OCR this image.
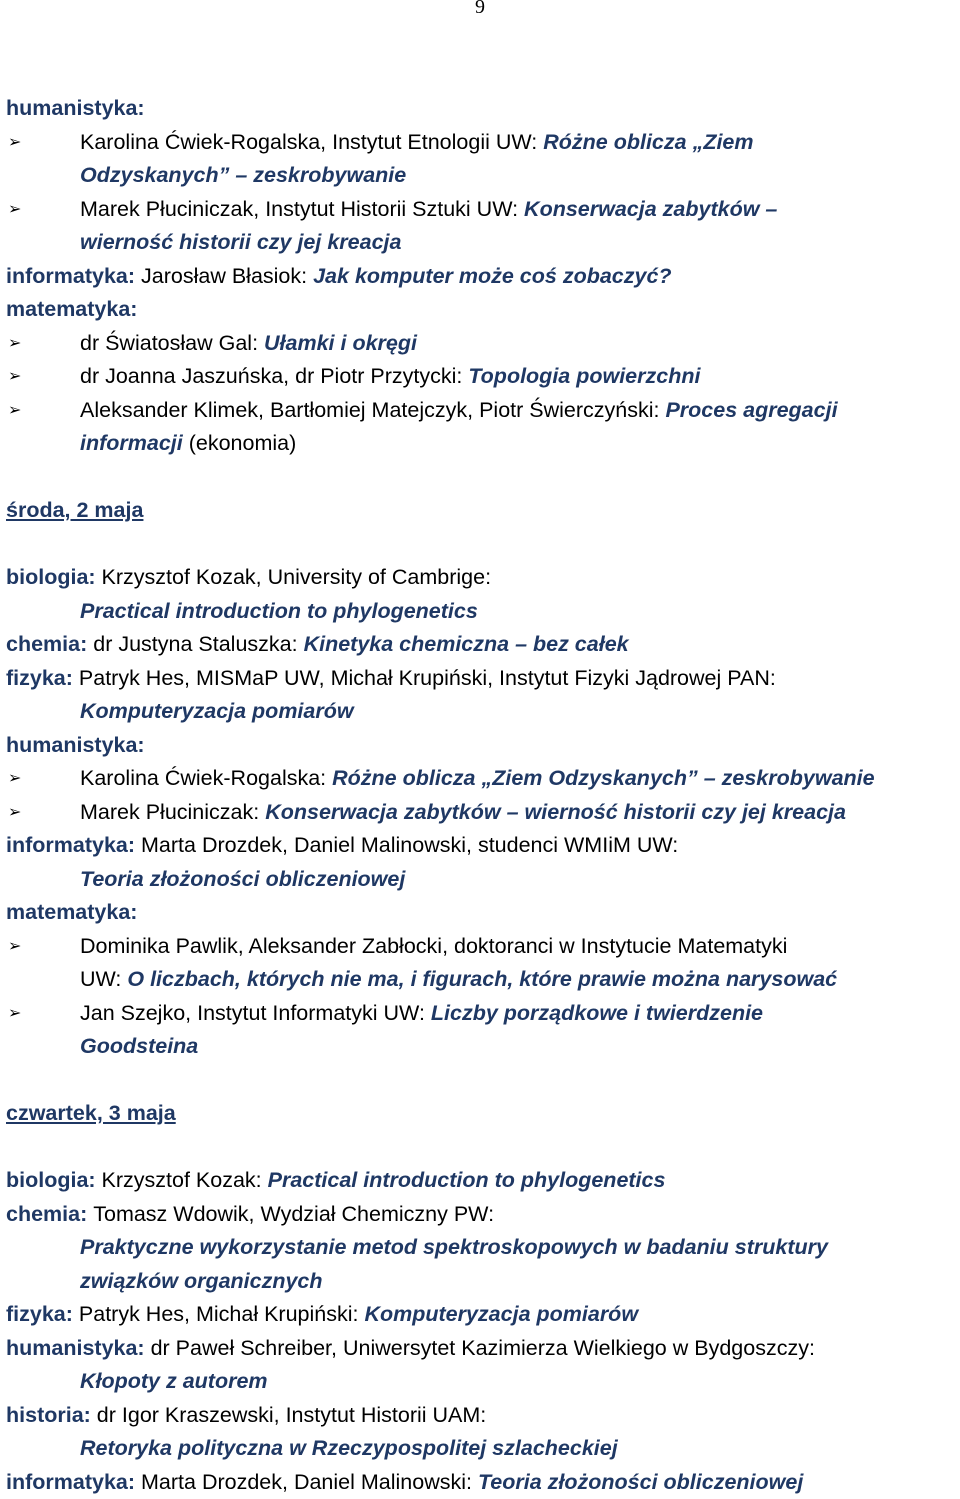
9
humanistyka:
➢	Karolina Ćwiek-Rogalska, Instytut Etnologii UW: Różne oblicza „Ziem
Odzyskanych” – zeskrobywanie
➢	Marek Płuciniczak, Instytut Historii Sztuki UW: Konserwacja zabytków –
wierność historii czy jej kreacja
informatyka: Jarosław Błasiok: Jak komputer może coś zobaczyć?
matematyka:
➢	dr Światosław Gal: Ułamki i okręgi
➢	dr Joanna Jaszuńska, dr Piotr Przytycki: Topologia powierzchni
➢	Aleksander Klimek, Bartłomiej Matejczyk, Piotr Świerczyński: Proces agregacji
informacji (ekonomia)
środa, 2 maja
biologia: Krzysztof Kozak, University of Cambrige:
Practical introduction to phylogenetics
chemia: dr Justyna Staluszka: Kinetyka chemiczna – bez całek
fizyka: Patryk Hes, MISMaP UW, Michał Krupiński, Instytut Fizyki Jądrowej PAN:
Komputeryzacja pomiarów
humanistyka:
➢	Karolina Ćwiek-Rogalska: Różne oblicza „Ziem Odzyskanych” – zeskrobywanie
➢	Marek Płuciniczak: Konserwacja zabytków – wierność historii czy jej kreacja
informatyka: Marta Drozdek, Daniel Malinowski, studenci WMIiM UW:
Teoria złożoności obliczeniowej
matematyka:
➢	Dominika Pawlik, Aleksander Zabłocki, doktoranci w Instytucie Matematyki
UW: O liczbach, których nie ma, i figurach, które prawie można narysować
➢	Jan Szejko, Instytut Informatyki UW: Liczby porządkowe i twierdzenie
Goodsteina
czwartek, 3 maja
biologia: Krzysztof Kozak: Practical introduction to phylogenetics
chemia: Tomasz Wdowik, Wydział Chemiczny PW:
Praktyczne wykorzystanie metod spektroskopowych w badaniu struktury
związków organicznych
fizyka: Patryk Hes, Michał Krupiński: Komputeryzacja pomiarów
humanistyka: dr Paweł Schreiber, Uniwersytet Kazimierza Wielkiego w Bydgoszczy:
Kłopoty z autorem
historia: dr Igor Kraszewski, Instytut Historii UAM:
Retoryka polityczna w Rzeczypospolitej szlacheckiej
informatyka: Marta Drozdek, Daniel Malinowski: Teoria złożoności obliczeniowej
